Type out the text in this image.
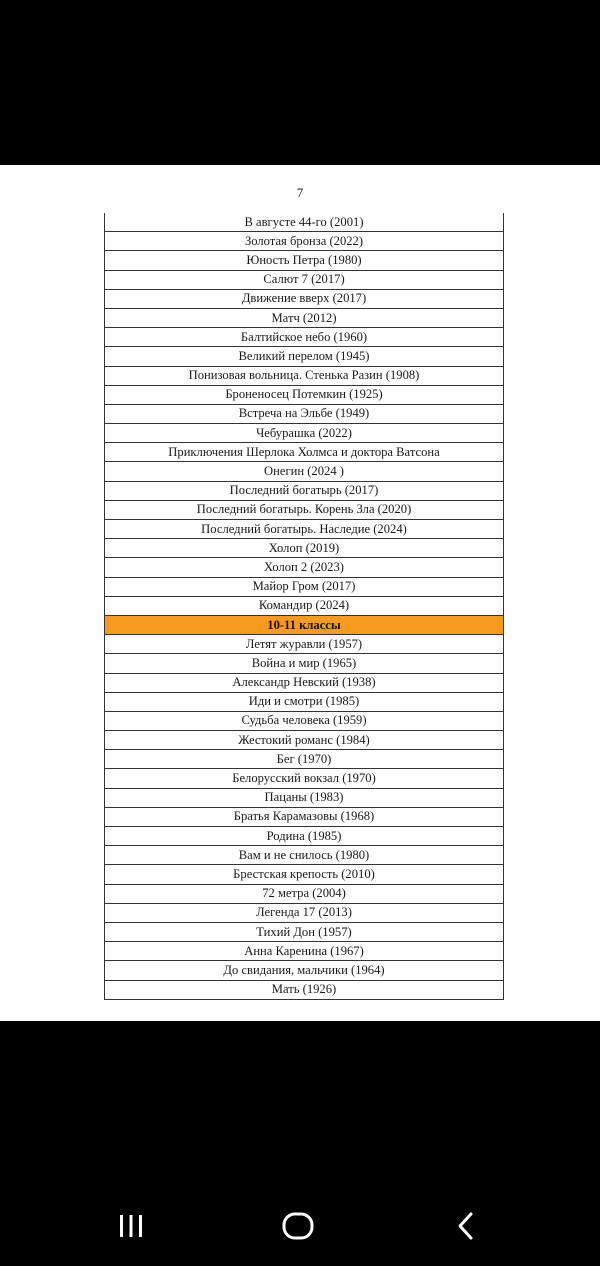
7
В августе 44-го (2001)
Золотая бронза (2022)
Юность Петра (1980)
Салют 7 (2017)
Движение вверх (2017)
Матч (2012)
Балтийское небо (1960)
Великий перелом (1945)
Понизовая вольница. Стенька Разин (1908)
Броненосец Потемкин (1925)
Встреча на Эльбе (1949)
Чебурашка (2022)
Приключения Шерлока Холмса и доктора Ватсона
Онегин (2024 )
Последний богатырь (2017)
Последний богатырь. Корень Зла (2020)
Последний богатырь. Наследие (2024)
Холоп (2019)
Холоп 2 (2023)
Майор Гром (2017)
Командир (2024)
10-11 классы
Летят журавли (1957)
Война и мир (1965)
Александр Невский (1938)
Иди и смотри (1985)
Судьба человека (1959)
Жестокий романс (1984)
Бег (1970)
Белорусский вокзал (1970)
Пацаны (1983)
Братья Карамазовы (1968)
Родина (1985)
Вам и не снилось (1980)
Брестская крепость (2010)
72 метра (2004)
Легенда 17 (2013)
Тихий Дон (1957)
Анна Каренина (1967)
До свидания, мальчики (1964)
Мать (1926)
